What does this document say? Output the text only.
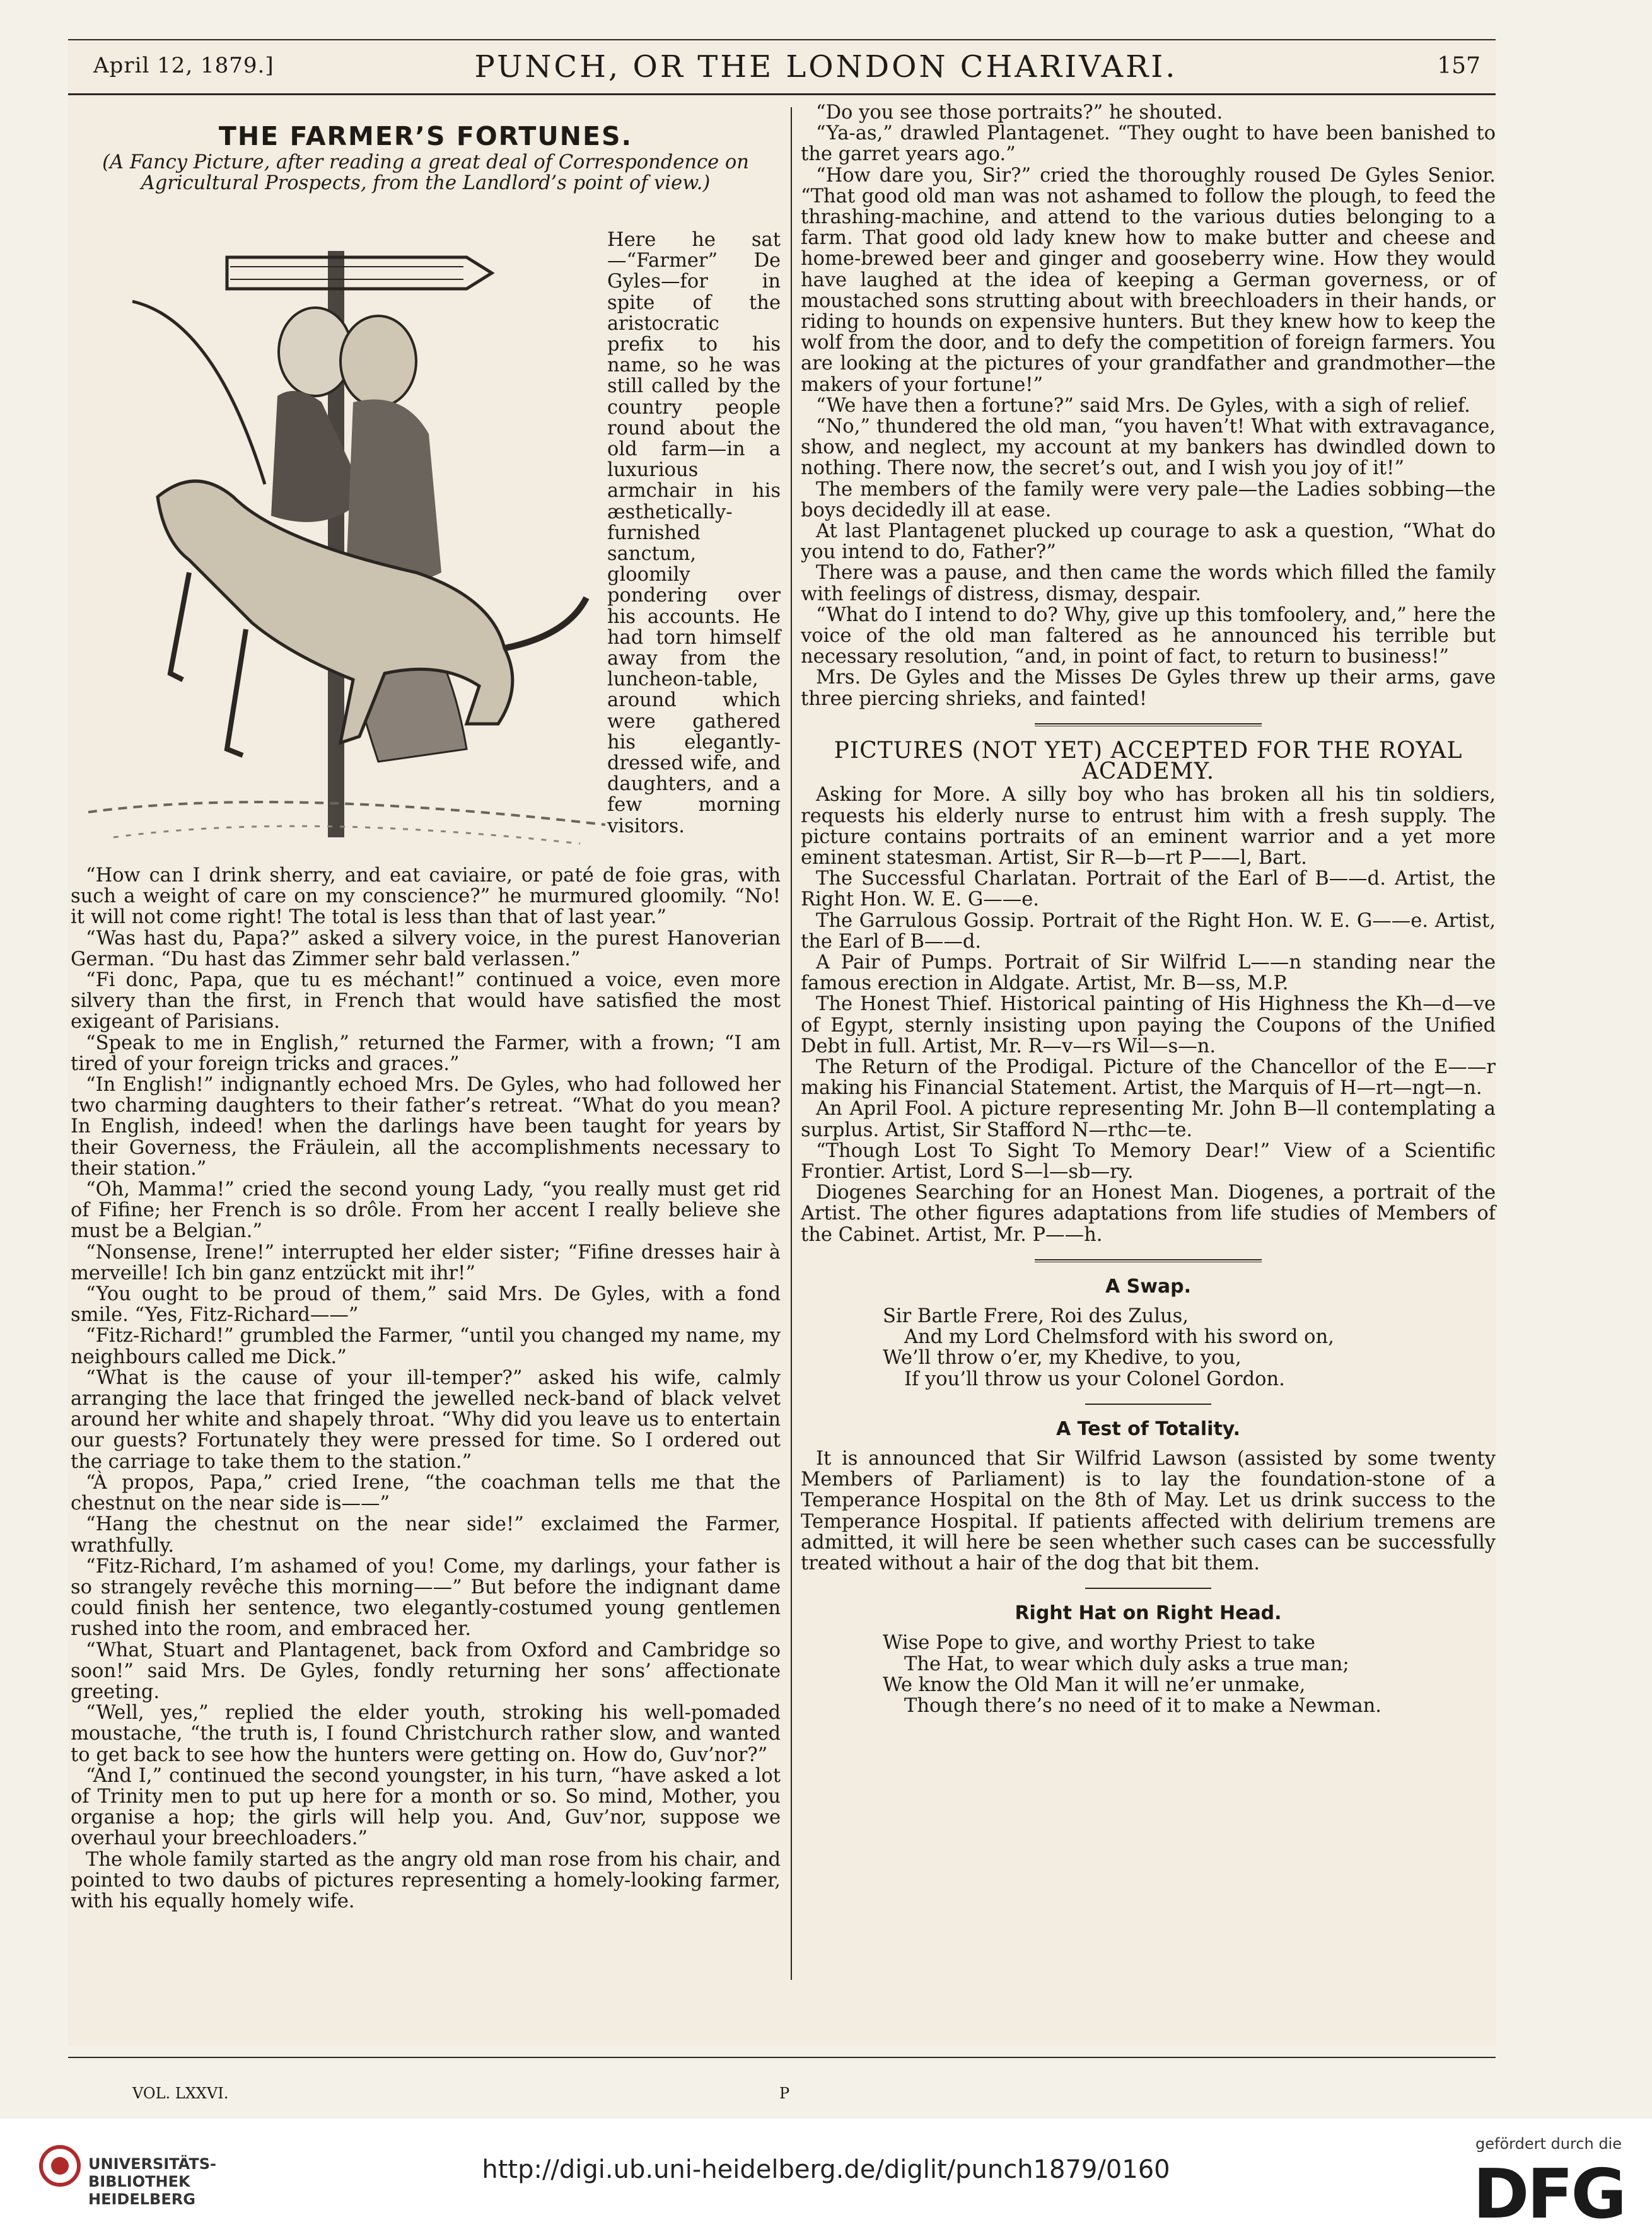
April 12, 1879.]	PUNCH, OR THE LONDON CHARIVARI.	157
THE FARMER’S FORTUNES.
(A Fancy Picture, after reading a great deal of Correspondence on Agricultural Prospects, from the Landlord’s point of view.)
Here he sat—“Farmer” De Gyles—for in spite of the aristocratic prefix to his name, so he was still called by the country people round about the old farm—in a luxurious armchair in his æsthetically-furnished sanctum, gloomily pondering over his accounts. He had torn himself away from the luncheon-table, around which were gathered his elegantly-dressed wife, and daughters, and a few morning visitors.

“How can I drink sherry, and eat caviaire, or paté de foie gras, with such a weight of care on my conscience?” he murmured gloomily. “No! it will not come right! The total is less than that of last year.”

“Was hast du, Papa?” asked a silvery voice, in the purest Hanoverian German. “Du hast das Zimmer sehr bald verlassen.”

“Fi donc, Papa, que tu es méchant!” continued a voice, even more silvery than the first, in French that would have satisfied the most exigeant of Parisians.

“Speak to me in English,” returned the Farmer, with a frown; “I am tired of your foreign tricks and graces.”

“In English!” indignantly echoed Mrs. De Gyles, who had followed her two charming daughters to their father’s retreat. “What do you mean? In English, indeed! when the darlings have been taught for years by their Governess, the Fräulein, all the accomplishments necessary to their station.”

“Oh, Mamma!” cried the second young Lady, “you really must get rid of Fifine; her French is so drôle. From her accent I really believe she must be a Belgian.”

“Nonsense, Irene!” interrupted her elder sister; “Fifine dresses hair à merveille! Ich bin ganz entzückt mit ihr!”

“You ought to be proud of them,” said Mrs. De Gyles, with a fond smile. “Yes, Fitz-Richard——”

“Fitz-Richard!” grumbled the Farmer, “until you changed my name, my neighbours called me Dick.”

“What is the cause of your ill-temper?” asked his wife, calmly arranging the lace that fringed the jewelled neck-band of black velvet around her white and shapely throat. “Why did you leave us to entertain our guests? Fortunately they were pressed for time. So I ordered out the carriage to take them to the station.”

“À propos, Papa,” cried Irene, “the coachman tells me that the chestnut on the near side is——”

“Hang the chestnut on the near side!” exclaimed the Farmer, wrathfully.

“Fitz-Richard, I’m ashamed of you! Come, my darlings, your father is so strangely revêche this morning——” But before the indignant dame could finish her sentence, two elegantly-costumed young gentlemen rushed into the room, and embraced her.

“What, Stuart and Plantagenet, back from Oxford and Cambridge so soon!” said Mrs. De Gyles, fondly returning her sons’ affectionate greeting.

“Well, yes,” replied the elder youth, stroking his well-pomaded moustache, “the truth is, I found Christchurch rather slow, and wanted to get back to see how the hunters were getting on. How do, Guv’nor?”

“And I,” continued the second youngster, in his turn, “have asked a lot of Trinity men to put up here for a month or so. So mind, Mother, you organise a hop; the girls will help you. And, Guv’nor, suppose we overhaul your breechloaders.”

The whole family started as the angry old man rose from his chair, and pointed to two daubs of pictures representing a homely-looking farmer, with his equally homely wife.

“Do you see those portraits?” he shouted.

“Ya-as,” drawled Plantagenet. “They ought to have been banished to the garret years ago.”

“How dare you, Sir?” cried the thoroughly roused De Gyles Senior. “That good old man was not ashamed to follow the plough, to feed the thrashing-machine, and attend to the various duties belonging to a farm. That good old lady knew how to make butter and cheese and home-brewed beer and ginger and gooseberry wine. How they would have laughed at the idea of keeping a German governess, or of moustached sons strutting about with breechloaders in their hands, or riding to hounds on expensive hunters. But they knew how to keep the wolf from the door, and to defy the competition of foreign farmers. You are looking at the pictures of your grandfather and grandmother—the makers of your fortune!”

“We have then a fortune?” said Mrs. De Gyles, with a sigh of relief.

“No,” thundered the old man, “you haven’t! What with extravagance, show, and neglect, my account at my bankers has dwindled down to nothing. There now, the secret’s out, and I wish you joy of it!”

The members of the family were very pale—the Ladies sobbing—the boys decidedly ill at ease.

At last Plantagenet plucked up courage to ask a question, “What do you intend to do, Father?”

There was a pause, and then came the words which filled the family with feelings of distress, dismay, despair.

“What do I intend to do? Why, give up this tomfoolery, and,” here the voice of the old man faltered as he announced his terrible but necessary resolution, “and, in point of fact, to return to business!”

Mrs. De Gyles and the Misses De Gyles threw up their arms, gave three piercing shrieks, and fainted!

PICTURES (NOT YET) ACCEPTED FOR THE ROYAL ACADEMY.

Asking for More. A silly boy who has broken all his tin soldiers, requests his elderly nurse to entrust him with a fresh supply. The picture contains portraits of an eminent warrior and a yet more eminent statesman. Artist, Sir R—b—rt P——l, Bart.

The Successful Charlatan. Portrait of the Earl of B——d. Artist, the Right Hon. W. E. G——e.

The Garrulous Gossip. Portrait of the Right Hon. W. E. G——e. Artist, the Earl of B——d.

A Pair of Pumps. Portrait of Sir Wilfrid L——n standing near the famous erection in Aldgate. Artist, Mr. B—ss, M.P.

The Honest Thief. Historical painting of His Highness the Kh—d—ve of Egypt, sternly insisting upon paying the Coupons of the Unified Debt in full. Artist, Mr. R—v—rs Wil—s—n.

The Return of the Prodigal. Picture of the Chancellor of the E——r making his Financial Statement. Artist, the Marquis of H—rt—ngt—n.

An April Fool. A picture representing Mr. John B—ll contemplating a surplus. Artist, Sir Stafford N—rthc—te.

“Though Lost To Sight To Memory Dear!” View of a Scientific Frontier. Artist, Lord S—l—sb—ry.

Diogenes Searching for an Honest Man. Diogenes, a portrait of the Artist. The other figures adaptations from life studies of Members of the Cabinet. Artist, Mr. P——h.

A Swap.
Sir Bartle Frere, Roi des Zulus,
And my Lord Chelmsford with his sword on,
We’ll throw o’er, my Khedive, to you,
If you’ll throw us your Colonel Gordon.
A Test of Totality.

It is announced that Sir Wilfrid Lawson (assisted by some twenty Members of Parliament) is to lay the foundation-stone of a Temperance Hospital on the 8th of May. Let us drink success to the Temperance Hospital. If patients affected with delirium tremens are admitted, it will here be seen whether such cases can be successfully treated without a hair of the dog that bit them.

Right Hat on Right Head.
Wise Pope to give, and worthy Priest to take
The Hat, to wear which duly asks a true man;
We know the Old Man it will ne’er unmake,
Though there’s no need of it to make a Newman.
VOL. LXXVI.	P
UNIVERSITÄTS-
BIBLIOTHEK
HEIDELBERG
http://digi.ub.uni-heidelberg.de/diglit/punch1879/0160
gefördert durch die
DFG
